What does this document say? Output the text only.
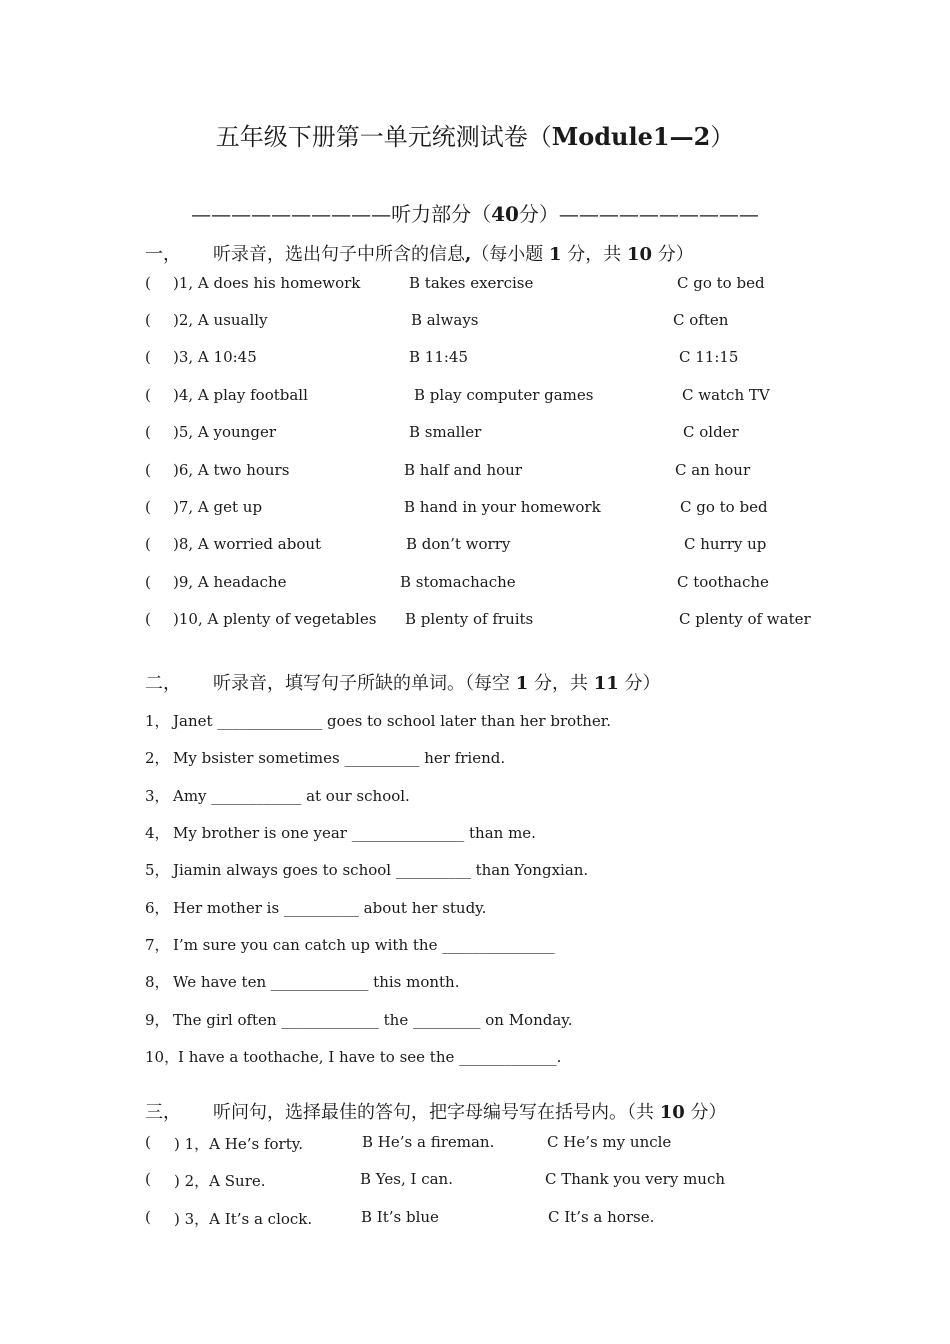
五年级下册第一单元统测试卷（Module1—2）
——————————听力部分（40分）——————————
一， 听录音，选出句子中所含的信息,（每小题 1 分，共 10 分）
( )1, A does his homework	B takes exercise	C go to bed
( )2, A usually	B always	C often
( )3, A 10:45	B 11:45	C 11:15
( )4, A play football	B play computer games	C watch TV
( )5, A younger	B smaller	C older
( )6, A two hours	B half and hour	C an hour
( )7, A get up	B hand in your homework	C go to bed
( )8, A worried about	B don’t worry	C hurry up
( )9, A headache	B stomachache	C toothache
( )10, A plenty of vegetables B plenty of fruits	C plenty of water
二， 听录音，填写句子所缺的单词。（每空 1 分，共 11 分）
1， Janet ______________ goes to school later than her brother.
2， My bsister sometimes __________ her friend.
3， Amy ____________ at our school.
4， My brother is one year _______________ than me.
5， Jiamin always goes to school __________ than Yongxian.
6， Her mother is __________ about her study.
7， I’m sure you can catch up with the _______________
8， We have ten _____________ this month.
9， The girl often _____________ the _________ on Monday.
10，I have a toothache, I have to see the _____________.
三， 听问句，选择最佳的答句，把字母编号写在括号内。（共 10 分）
( ) 1，A He’s forty.	B He’s a fireman.	C He’s my uncle
( ) 2，A Sure.	B Yes, I can.	C Thank you very much
( ) 3，A It’s a clock.	B It’s blue	C It’s a horse.
